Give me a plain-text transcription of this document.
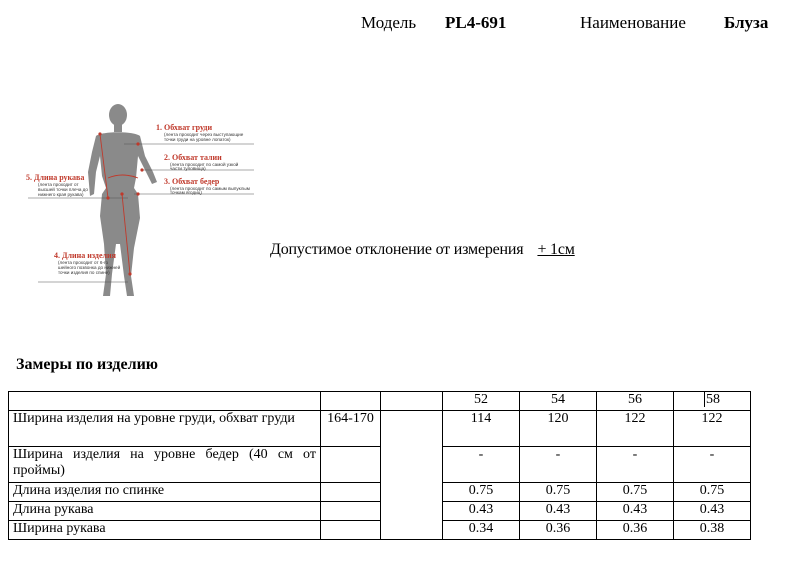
Модель PL4-691	Наименование Блуза
1. Обхват груди
(лента проходит через выступающие
точки груди на уровне лопаток)
2. Обхват талии
(лента проходит по самой узкой
части туловища)
3. Обхват бедер
(лента проходит по самым выпуклым
точкам ягодиц)
5. Длина рукава
(лента проходит от
высшей точки плеча до
нижнего края рукава)
4. Длина изделия
(лента проходит от 6-го
шейного позвонка до нижней
точки изделия по спине)
Допустимое отклонение от измерения + 1см
Замеры по изделию
			52	54	56	58
Ширина изделия на уровне груди, обхват груди	164-170		114	120	122	122
Ширина изделия на уровне бедер (40 см от проймы)			-	-	-	-
Длина изделия по спинке			0.75	0.75	0.75	0.75
Длина рукава			0.43	0.43	0.43	0.43
Ширина рукава			0.34	0.36	0.36	0.38
